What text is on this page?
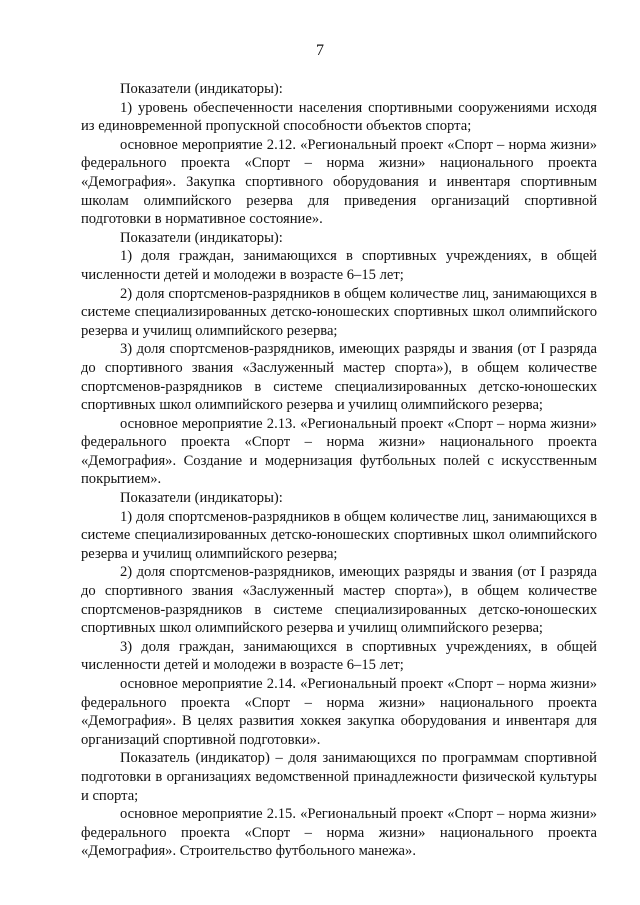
7

Показатели (индикаторы):

1) уровень обеспеченности населения спортивными сооружениями исходя из единовременной пропускной способности объектов спорта;

основное мероприятие 2.12. «Региональный проект «Спорт – норма жизни» федерального проекта «Спорт – норма жизни» национального проекта «Демография». Закупка спортивного оборудования и инвентаря спортивным школам олимпийского резерва для приведения организаций спортивной подготовки в нормативное состояние».

Показатели (индикаторы):

1) доля граждан, занимающихся в спортивных учреждениях, в общей численности детей и молодежи в возрасте 6–15 лет;

2) доля спортсменов-разрядников в общем количестве лиц, занимающихся в системе специализированных детско-юношеских спортивных школ олимпийского резерва и училищ олимпийского резерва;

3) доля спортсменов-разрядников, имеющих разряды и звания (от I разряда до спортивного звания «Заслуженный мастер спорта»), в общем количестве спортсменов-разрядников в системе специализированных детско-юношеских спортивных школ олимпийского резерва и училищ олимпийского резерва;

основное мероприятие 2.13. «Региональный проект «Спорт – норма жизни» федерального проекта «Спорт – норма жизни» национального проекта «Демография». Создание и модернизация футбольных полей с искусственным покрытием».

Показатели (индикаторы):

1) доля спортсменов-разрядников в общем количестве лиц, занимающихся в системе специализированных детско-юношеских спортивных школ олимпийского резерва и училищ олимпийского резерва;

2) доля спортсменов-разрядников, имеющих разряды и звания (от I разряда до спортивного звания «Заслуженный мастер спорта»), в общем количестве спортсменов-разрядников в системе специализированных детско-юношеских спортивных школ олимпийского резерва и училищ олимпийского резерва;

3) доля граждан, занимающихся в спортивных учреждениях, в общей численности детей и молодежи в возрасте 6–15 лет;

основное мероприятие 2.14. «Региональный проект «Спорт – норма жизни» федерального проекта «Спорт – норма жизни» национального проекта «Демография». В целях развития хоккея закупка оборудования и инвентаря для организаций спортивной подготовки».

Показатель (индикатор) – доля занимающихся по программам спортивной подготовки в организациях ведомственной принадлежности физической культуры и спорта;

основное мероприятие 2.15. «Региональный проект «Спорт – норма жизни» федерального проекта «Спорт – норма жизни» национального проекта «Демография». Строительство футбольного манежа».
